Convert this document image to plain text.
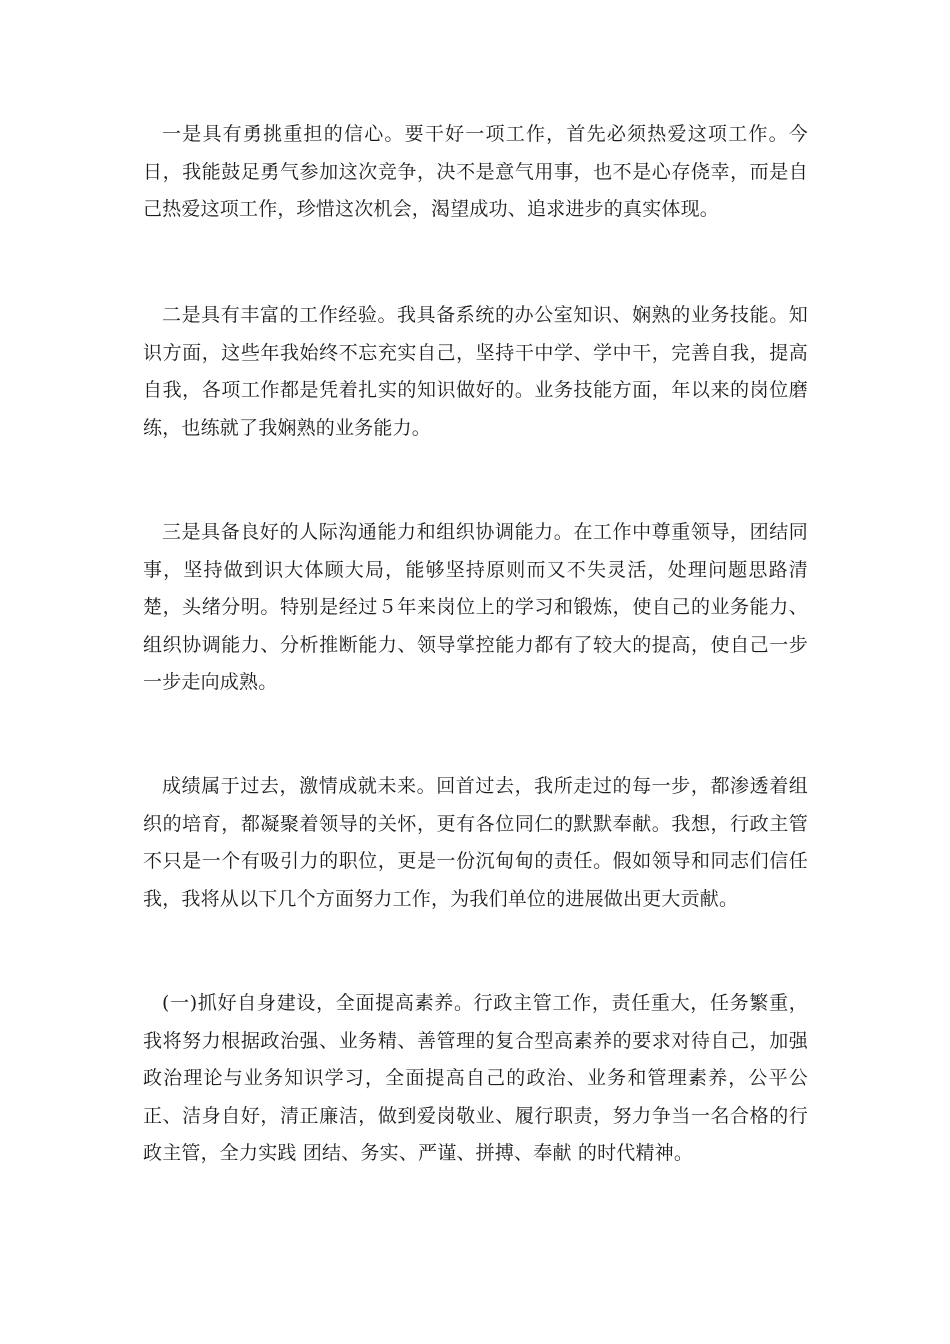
一是具有勇挑重担的信心。要干好一项工作，首先必须热爱这项工作。今日，我能鼓足勇气参加这次竞争，决不是意气用事，也不是心存侥幸，而是自己热爱这项工作，珍惜这次机会，渴望成功、追求进步的真实体现。

二是具有丰富的工作经验。我具备系统的办公室知识、娴熟的业务技能。知识方面，这些年我始终不忘充实自己，坚持干中学、学中干，完善自我，提高自我，各项工作都是凭着扎实的知识做好的。业务技能方面，年以来的岗位磨练，也练就了我娴熟的业务能力。

三是具备良好的人际沟通能力和组织协调能力。在工作中尊重领导，团结同事，坚持做到识大体顾大局，能够坚持原则而又不失灵活，处理问题思路清楚，头绪分明。特别是经过５年来岗位上的学习和锻炼，使自己的业务能力、组织协调能力、分析推断能力、领导掌控能力都有了较大的提高，使自己一步一步走向成熟。

成绩属于过去，激情成就未来。回首过去，我所走过的每一步，都渗透着组织的培育，都凝聚着领导的关怀，更有各位同仁的默默奉献。我想，行政主管不只是一个有吸引力的职位，更是一份沉甸甸的责任。假如领导和同志们信任我，我将从以下几个方面努力工作，为我们单位的进展做出更大贡献。

(一)抓好自身建设，全面提高素养。行政主管工作，责任重大，任务繁重，我将努力根据政治强、业务精、善管理的复合型高素养的要求对待自己，加强政治理论与业务知识学习，全面提高自己的政治、业务和管理素养，公平公正、洁身自好，清正廉洁，做到爱岗敬业、履行职责，努力争当一名合格的行政主管，全力实践 团结、务实、严谨、拼搏、奉献 的时代精神。
